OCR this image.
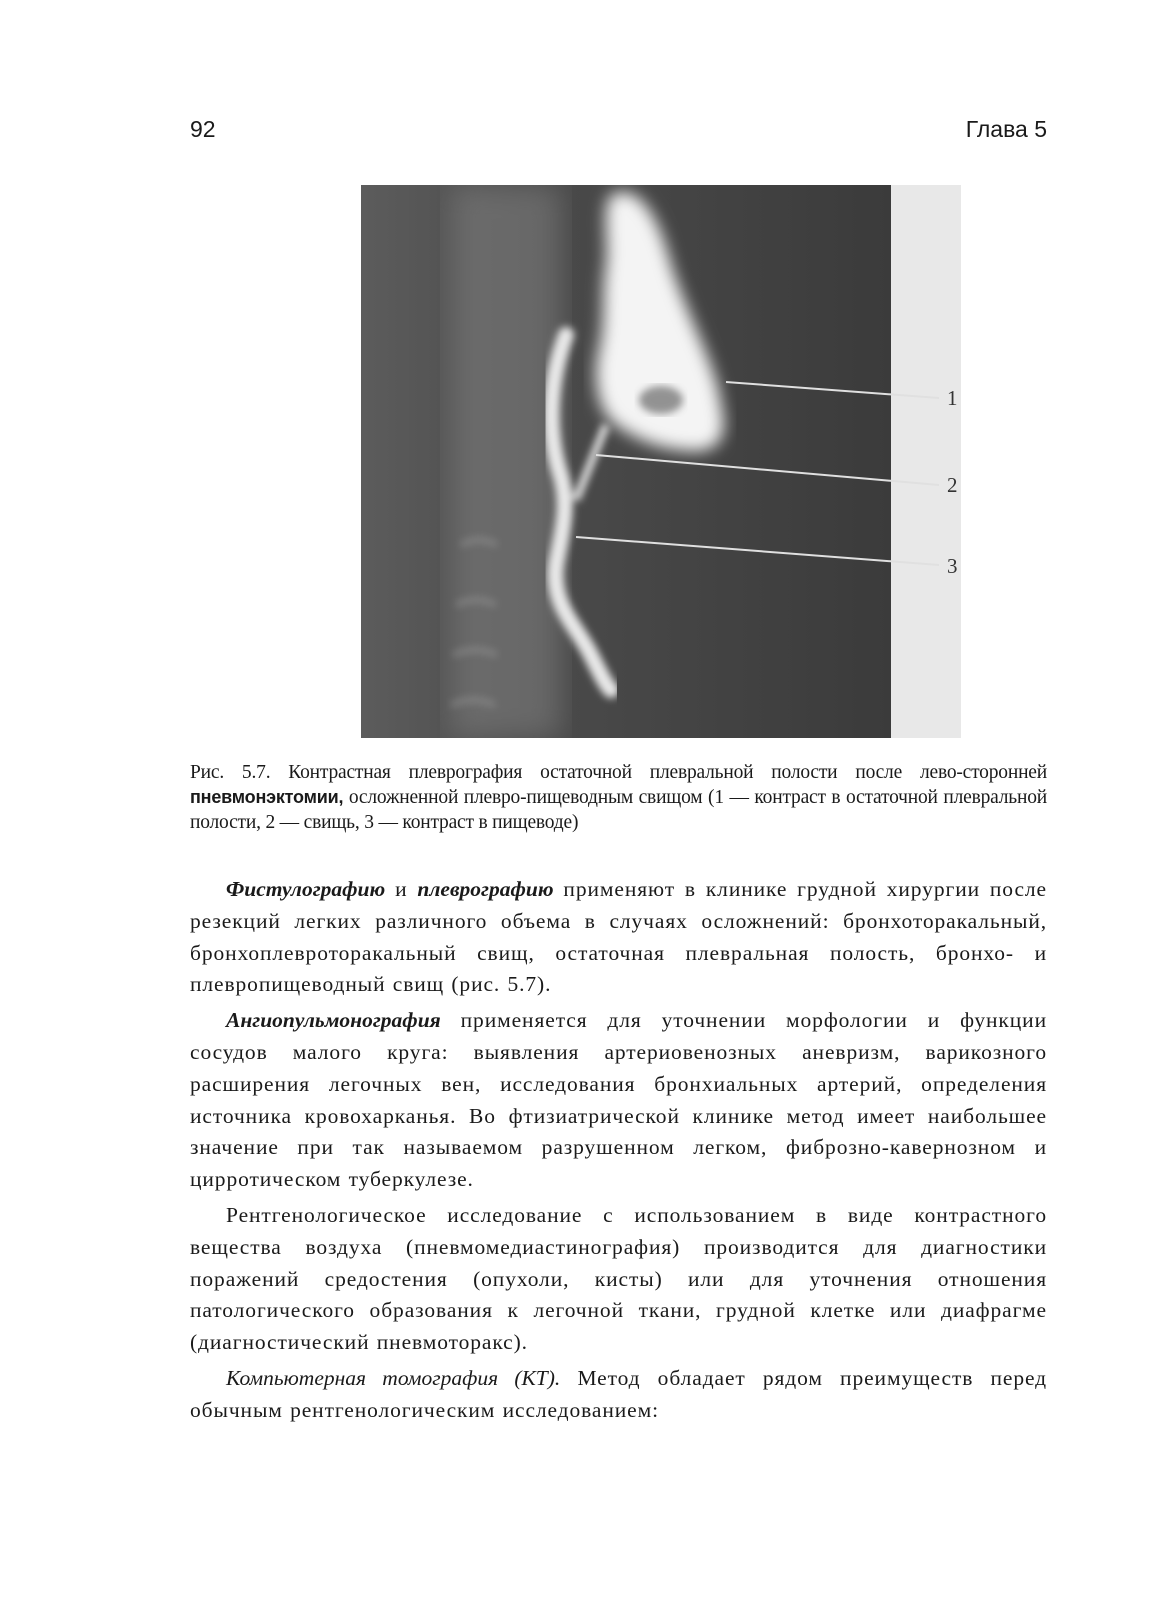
92	Глава 5
1
2
3
Рис. 5.7. Контрастная плеврография остаточной плевральной полости после лево-сторонней пневмонэктомии, осложненной плевро-пищеводным свищом (1 — контраст в остаточной плевральной полости, 2 — свищь, 3 — контраст в пищеводе)

Фистулографию и плеврографию применяют в клинике грудной хирургии после резекций легких различного объема в случаях осложнений: бронхоторакальный, бронхоплевроторакальный свищ, остаточная плевральная полость, бронхо- и плевропищеводный свищ (рис. 5.7).

Ангиопульмонография применяется для уточнении морфологии и функции сосудов малого круга: выявления артериовенозных аневризм, варикозного расширения легочных вен, исследования бронхиальных артерий, определения источника кровохарканья. Во фтизиатрической клинике метод имеет наибольшее значение при так называемом разрушенном легком, фиброзно-кавернозном и цирротическом туберкулезе.

Рентгенологическое исследование с использованием в виде контрастного вещества воздуха (пневмомедиастинография) производится для диагностики поражений средостения (опухоли, кисты) или для уточнения отношения патологического образования к легочной ткани, грудной клетке или диафрагме (диагностический пневмоторакс).

Компьютерная томография (КТ). Метод обладает рядом преимуществ перед обычным рентгенологическим исследованием:
